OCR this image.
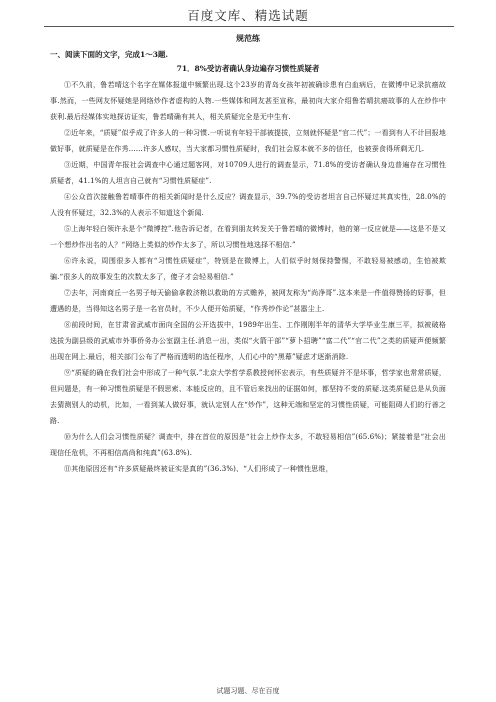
百度文库、精选试题
规范练
一、阅读下面的文字，完成1～3题.
71．8%受访者确认身边遍存习惯性质疑者

①不久前，鲁若晴这个名字在媒体报道中频繁出现.这个23岁的青岛女孩年初被确诊患有白血病后，在微博中记录抗癌故事.然而，一些网友怀疑她是网络炒作者虚构的人物.一些媒体和网友甚至宣称，最初向大家介绍鲁若晴抗癌故事的人在炒作中获利.最后经媒体实地探访证实，鲁若晴确有其人，相关质疑完全是无中生有.

②近年来，“质疑”似乎成了许多人的一种习惯.一听说有年轻干部被提拔，立刻就怀疑是“官二代”；一看到有人不计回报地做好事，就质疑是在作秀……许多人感叹，当大家都习惯性质疑时，我们社会原本就不多的信任，也被蚕食得所剩无几.

③近期，中国青年报社会调查中心通过题客网，对10709人进行的调查显示，71.8%的受访者确认身边普遍存在习惯性质疑者，41.1%的人坦言自己就有“习惯性质疑症”.

④公众首次接触鲁若晴事件的相关新闻时是什么反应？调查显示，39.7%的受访者坦言自己怀疑过其真实性，28.0%的人没有怀疑过，32.3%的人表示不知道这个新闻.

⑤上海年轻白领许永是个“微博控”.他告诉记者，在看到朋友转发关于鲁若晴的微博时，他的第一反应就是——这是不是又一个想炒作出名的人？“网络上类似的炒作太多了，所以习惯性地选择不相信.”

⑥许永说，周围很多人都有“习惯性质疑症”，特别是在微博上，人们似乎时刻保持警惕，不敢轻易被感动，生怕被欺骗.“很多人的故事发生的次数太多了，傻子才会轻易相信.”

⑦去年，河南商丘一名男子每天偷偷拿救济粮以救助的方式赡养，被网友称为“尚净哥”.这本来是一件值得赞扬的好事，但遭遇的是，当得知这名男子是一名官员时，不少人便开始质疑，“作秀炒作论”甚嚣尘上.

⑧前段时间，在甘肃省武威市面向全国的公开选拔中，1989年出生、工作刚刚半年的清华大学毕业生康三平，拟被破格选拔为副县级的武威市外事侨务办公室副主任.消息一出，类似“火箭干部”“萝卜招聘”“富二代”“官二代”之类的质疑声便频繁出现在网上.最后，相关部门公布了严格而透明的选任程序，人们心中的“黑幕”疑虑才逐渐消除.

⑨“质疑的确在我们社会中形成了一种气氛.”北京大学哲学系教授何怀宏表示，有些质疑并不是坏事，哲学家也常常质疑，但问题是，有一种习惯性质疑是不假思索、本能反应的，且不管后来找出的证据如何，都坚持不变的质疑.这类质疑总是从负面去猜测别人的动机，比如，一看到某人做好事，就认定别人在“炒作”，这种无端和坚定的习惯性质疑，可能阻碍人们的行善之路.

⑩为什么人们会习惯性质疑？调查中，排在首位的原因是“社会上炒作太多，不敢轻易相信”(65.6%)；紧接着是“社会出现信任危机，不再相信高尚和纯真”(63.8%).

⑪其他原因还有“许多质疑最终被证实是真的”(36.3%)、“人们形成了一种惯性思维，

试题习题、尽在百度
